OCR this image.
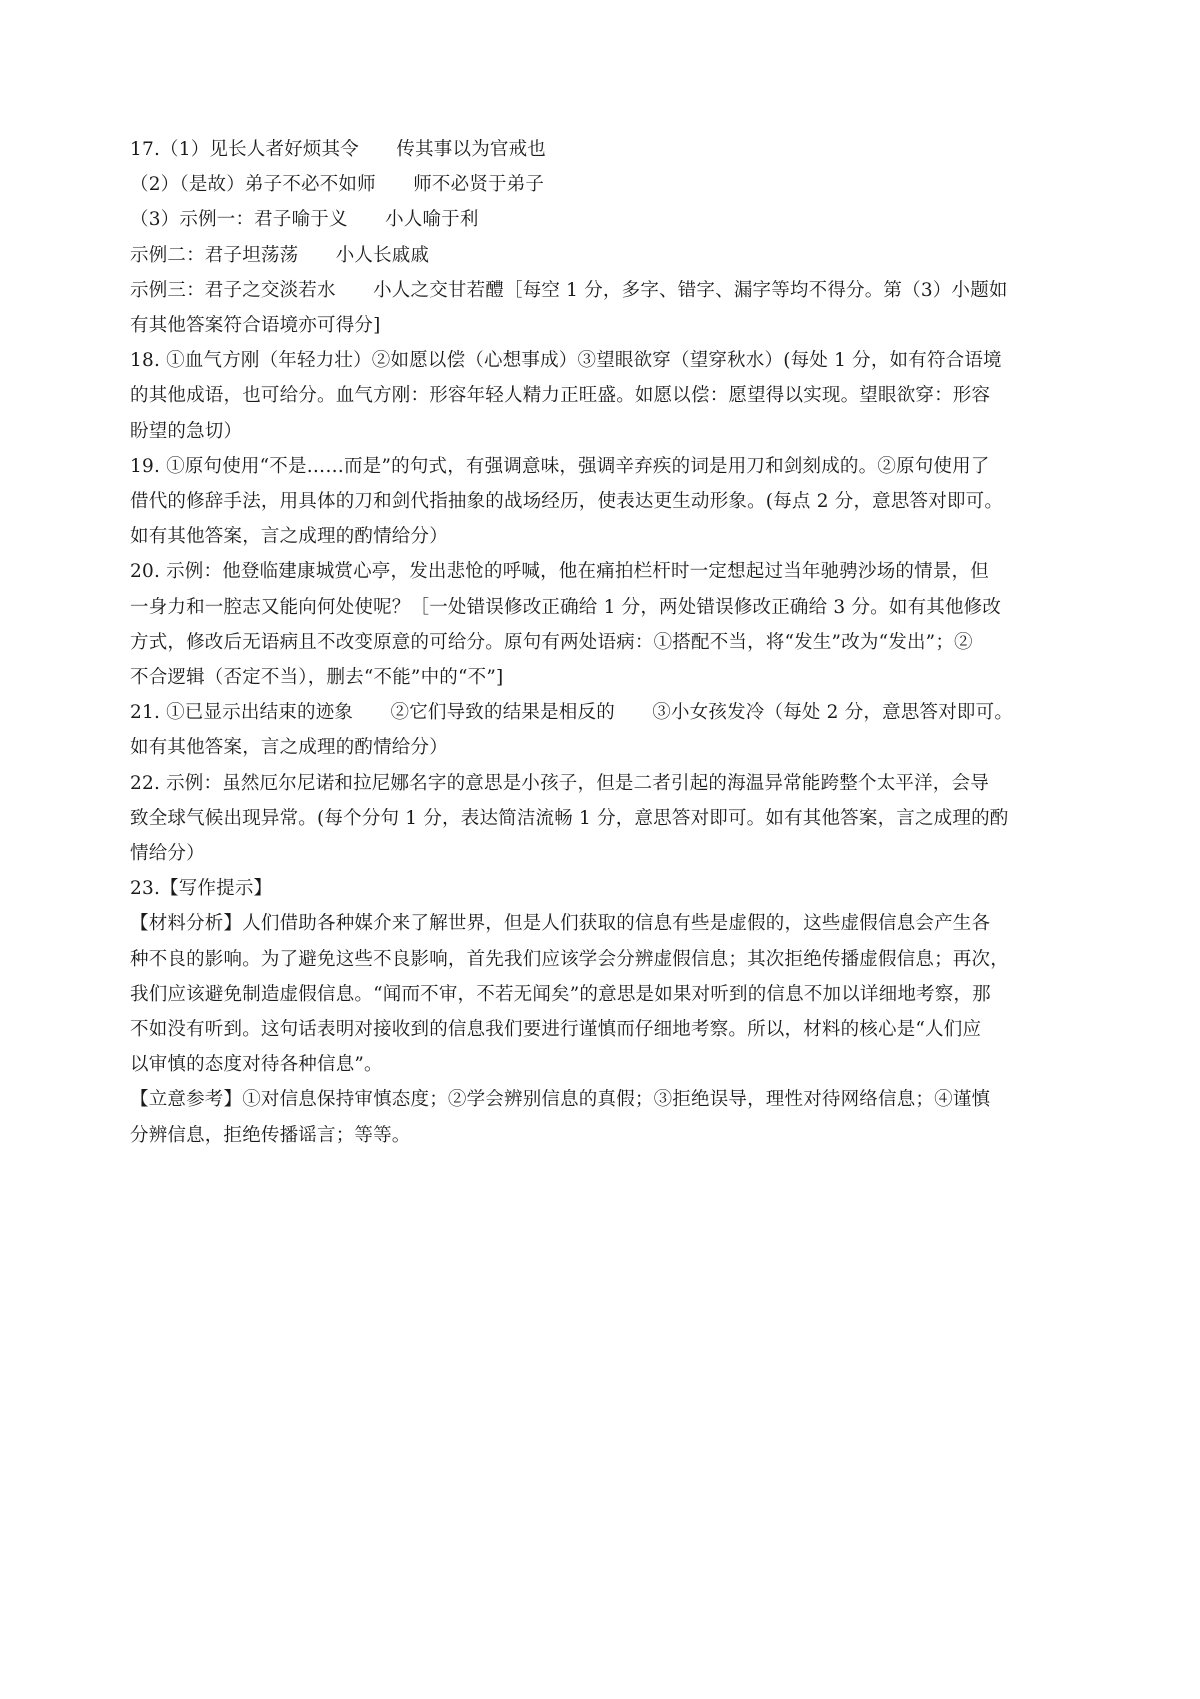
17.（1）见长人者好烦其令　　传其事以为官戒也
（2）（是故）弟子不必不如师　　师不必贤于弟子
（3）示例一：君子喻于义　　小人喻于利
示例二：君子坦荡荡　　小人长戚戚
示例三：君子之交淡若水　　小人之交甘若醴［每空 1 分，多字、错字、漏字等均不得分。第（3）小题如
有其他答案符合语境亦可得分]
18. ①血气方刚（年轻力壮）②如愿以偿（心想事成）③望眼欲穿（望穿秋水）(每处 1 分，如有符合语境
的其他成语，也可给分。血气方刚：形容年轻人精力正旺盛。如愿以偿：愿望得以实现。望眼欲穿：形容
盼望的急切）
19. ①原句使用“不是……而是”的句式，有强调意味，强调辛弃疾的词是用刀和剑刻成的。②原句使用了
借代的修辞手法，用具体的刀和剑代指抽象的战场经历，使表达更生动形象。(每点 2 分，意思答对即可。
如有其他答案，言之成理的酌情给分）
20. 示例：他登临建康城赏心亭，发出悲怆的呼喊，他在痛拍栏杆时一定想起过当年驰骋沙场的情景，但
一身力和一腔志又能向何处使呢？［一处错误修改正确给 1 分，两处错误修改正确给 3 分。如有其他修改
方式，修改后无语病且不改变原意的可给分。原句有两处语病：①搭配不当，将“发生”改为“发出”；②
不合逻辑（否定不当），删去“不能”中的“不”]
21. ①已显示出结束的迹象　　②它们导致的结果是相反的　　③小女孩发冷（每处 2 分，意思答对即可。
如有其他答案，言之成理的酌情给分）
22. 示例：虽然厄尔尼诺和拉尼娜名字的意思是小孩子，但是二者引起的海温异常能跨整个太平洋，会导
致全球气候出现异常。(每个分句 1 分，表达简洁流畅 1 分，意思答对即可。如有其他答案，言之成理的酌
情给分）
23.【写作提示】
【材料分析】人们借助各种媒介来了解世界，但是人们获取的信息有些是虚假的，这些虚假信息会产生各
种不良的影响。为了避免这些不良影响，首先我们应该学会分辨虚假信息；其次拒绝传播虚假信息；再次，
我们应该避免制造虚假信息。“闻而不审，不若无闻矣”的意思是如果对听到的信息不加以详细地考察，那
不如没有听到。这句话表明对接收到的信息我们要进行谨慎而仔细地考察。所以，材料的核心是“人们应
以审慎的态度对待各种信息”。
【立意参考】①对信息保持审慎态度；②学会辨别信息的真假；③拒绝误导，理性对待网络信息；④谨慎
分辨信息，拒绝传播谣言；等等。
